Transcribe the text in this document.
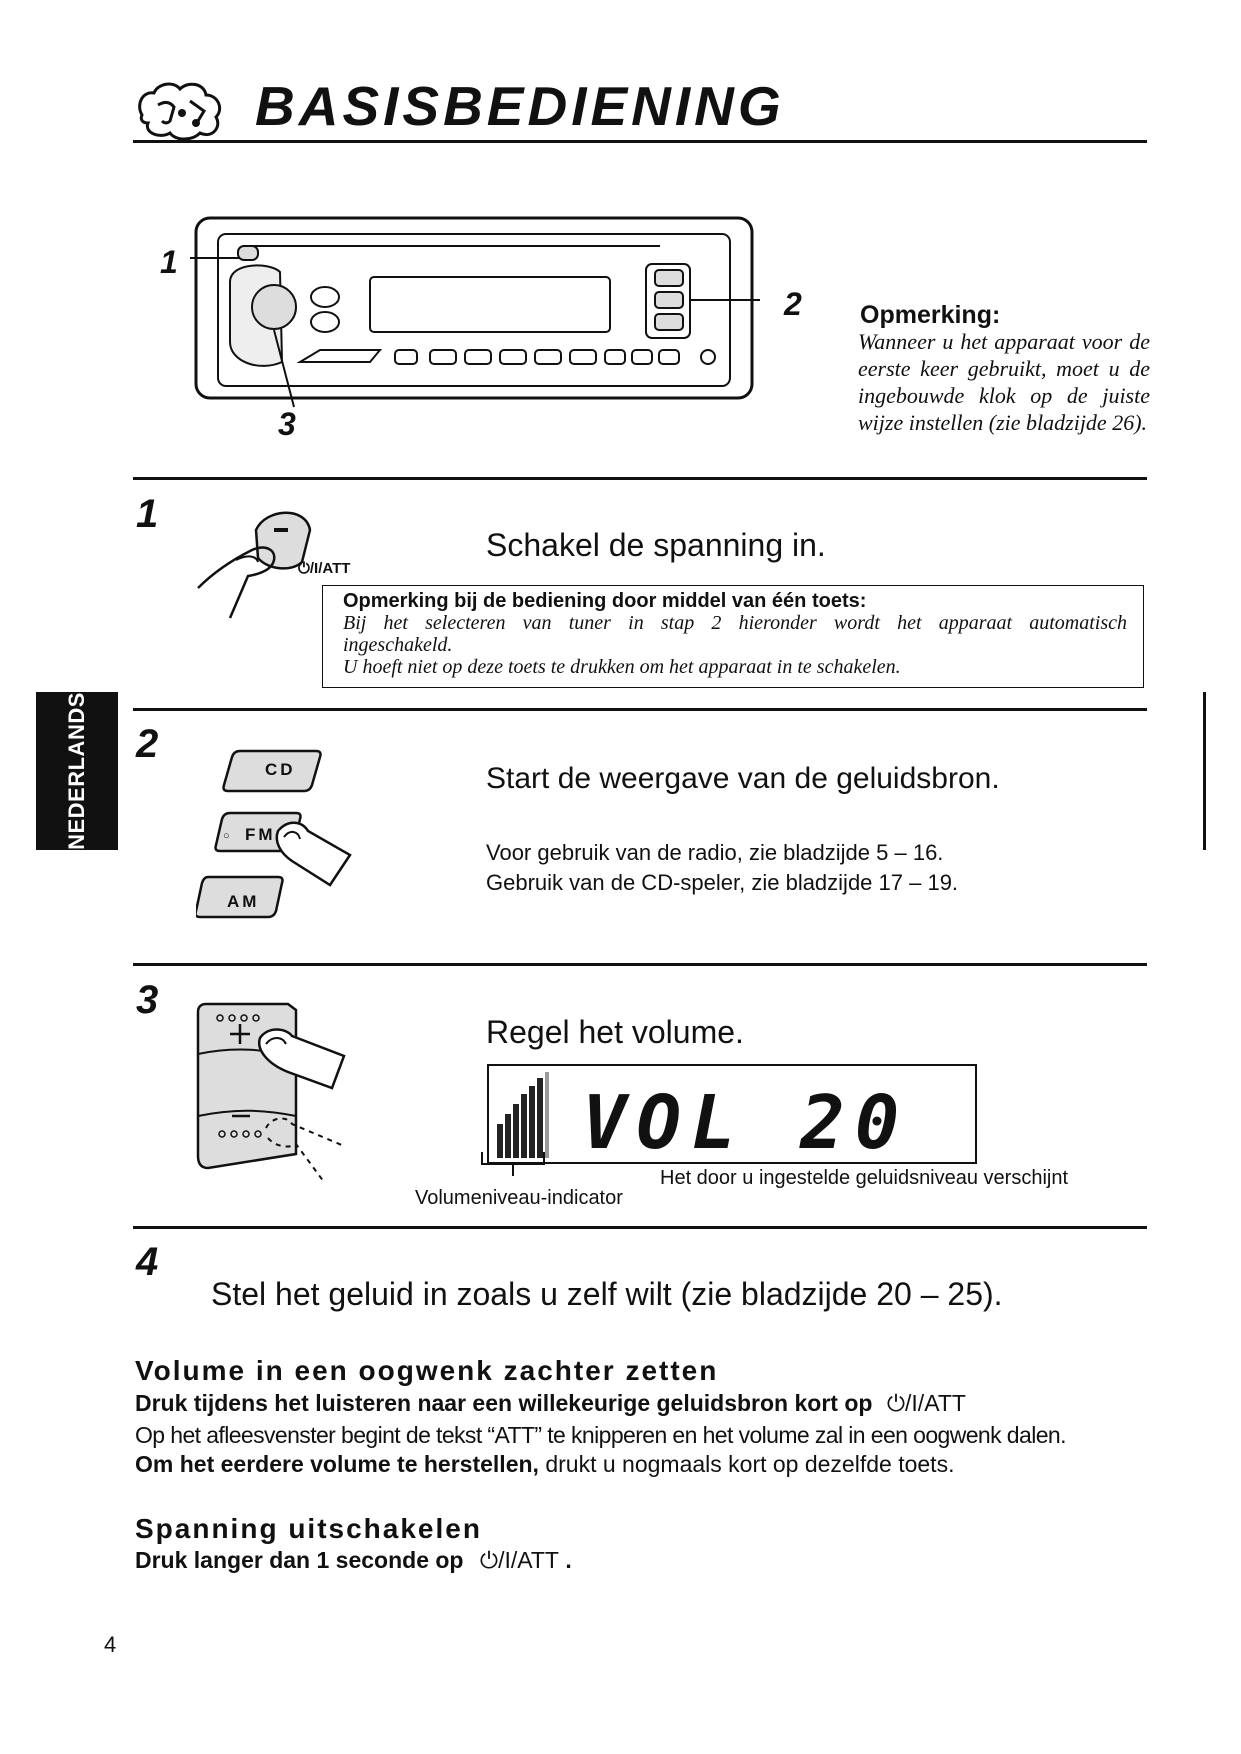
BASISBEDIENING
1
2
3
Opmerking:
Wanneer u het apparaat voor de eerste keer gebruikt, moet u de ingebouwde klok op de juiste wijze instellen (zie bladzijde 26).
1
⏻/I/ATT
Schakel de spanning in.
Opmerking bij de bediening door middel van één toets:
Bij het selecteren van tuner in stap 2 hieronder wordt het apparaat automatisch
ingeschakeld.
U hoeft niet op deze toets te drukken om het apparaat in te schakelen.
NEDERLANDS 2
CD
○ FM
AM
Start de weergave van de geluidsbron.
Voor gebruik van de radio, zie bladzijde 5 – 16.
Gebruik van de CD-speler, zie bladzijde 17 – 19.
3
Regel het volume.
VOL 20
Volumeniveau-indicator
Het door u ingestelde geluidsniveau verschijnt
4
Stel het geluid in zoals u zelf wilt (zie bladzijde 20 – 25).
Volume in een oogwenk zachter zetten
Druk tijdens het luisteren naar een willekeurige geluidsbron kort op ⏻/I/ATT
Op het afleesvenster begint de tekst “ATT” te knipperen en het volume zal in een oogwenk dalen.
Om het eerdere volume te herstellen, drukt u nogmaals kort op dezelfde toets.
Spanning uitschakelen
Druk langer dan 1 seconde op ⏻/I/ATT .
4
